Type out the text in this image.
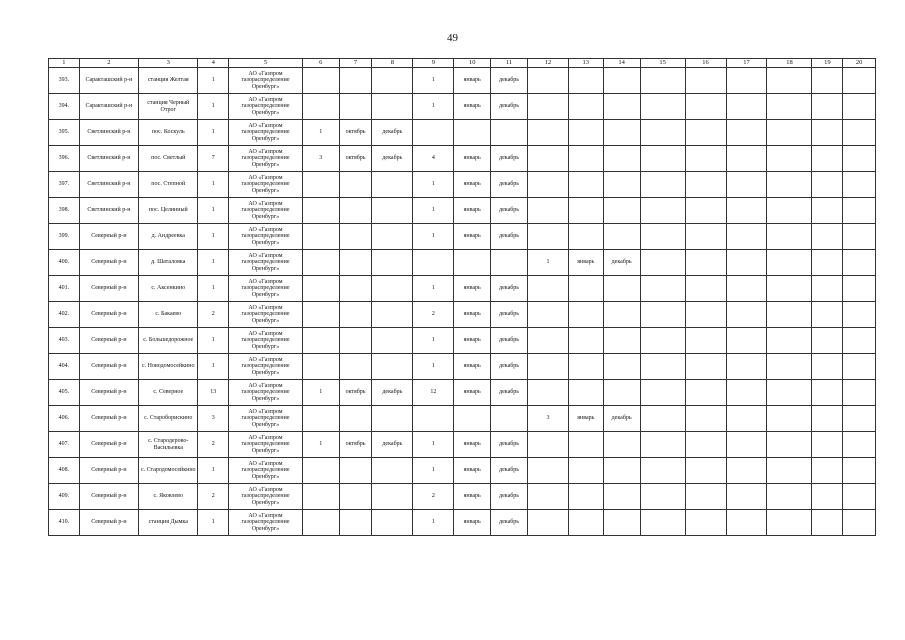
49
1	2	3	4	5	6	7	8	9	10	11	12	13	14	15	16	17	18	19	20
393.	Саракташский р-н	станция Желтая	1	АО «Газпром газораспределение Оренбург»				1	январь	декабрь									
394.	Саракташский р-н	станция Черный Отрог	1	АО «Газпром газораспределение Оренбург»				1	январь	декабрь									
395.	Светлинский р-н	пос. Коскуль	1	АО «Газпром газораспределение Оренбург»	1	октябрь	декабрь												
396.	Светлинский р-н	пос. Светлый	7	АО «Газпром газораспределение Оренбург»	3	октябрь	декабрь	4	январь	декабрь									
397.	Светлинский р-н	пос. Степной	1	АО «Газпром газораспределение Оренбург»				1	январь	декабрь									
398.	Светлинский р-н	пос. Целинный	1	АО «Газпром газораспределение Оренбург»				1	январь	декабрь									
399.	Северный р-н	д. Андреевка	1	АО «Газпром газораспределение Оренбург»				1	январь	декабрь									
400.	Северный р-н	д. Шаталовка	1	АО «Газпром газораспределение Оренбург»							1	январь	декабрь						
401.	Северный р-н	с. Аксенкино	1	АО «Газпром газораспределение Оренбург»				1	январь	декабрь									
402.	Северный р-н	с. Бакаево	2	АО «Газпром газораспределение Оренбург»				2	январь	декабрь									
403.	Северный р-н	с. Большедорожное	1	АО «Газпром газораспределение Оренбург»				1	январь	декабрь									
404.	Северный р-н	с. Новодомосейкино	1	АО «Газпром газораспределение Оренбург»				1	январь	декабрь									
405.	Северный р-н	с. Северное	13	АО «Газпром газораспределение Оренбург»	1	октябрь	декабрь	12	январь	декабрь									
406.	Северный р-н	с. Староборискино	3	АО «Газпром газораспределение Оренбург»							3	январь	декабрь						
407.	Северный р-н	с. Стародерово-Васильевка	2	АО «Газпром газораспределение Оренбург»	1	октябрь	декабрь	1	январь	декабрь									
408.	Северный р-н	с. Стародомосейкино	1	АО «Газпром газораспределение Оренбург»				1	январь	декабрь									
409.	Северный р-н	с. Яковлево	2	АО «Газпром газораспределение Оренбург»				2	январь	декабрь									
410.	Северный р-н	станция Дымка	1	АО «Газпром газораспределение Оренбург»				1	январь	декабрь									
